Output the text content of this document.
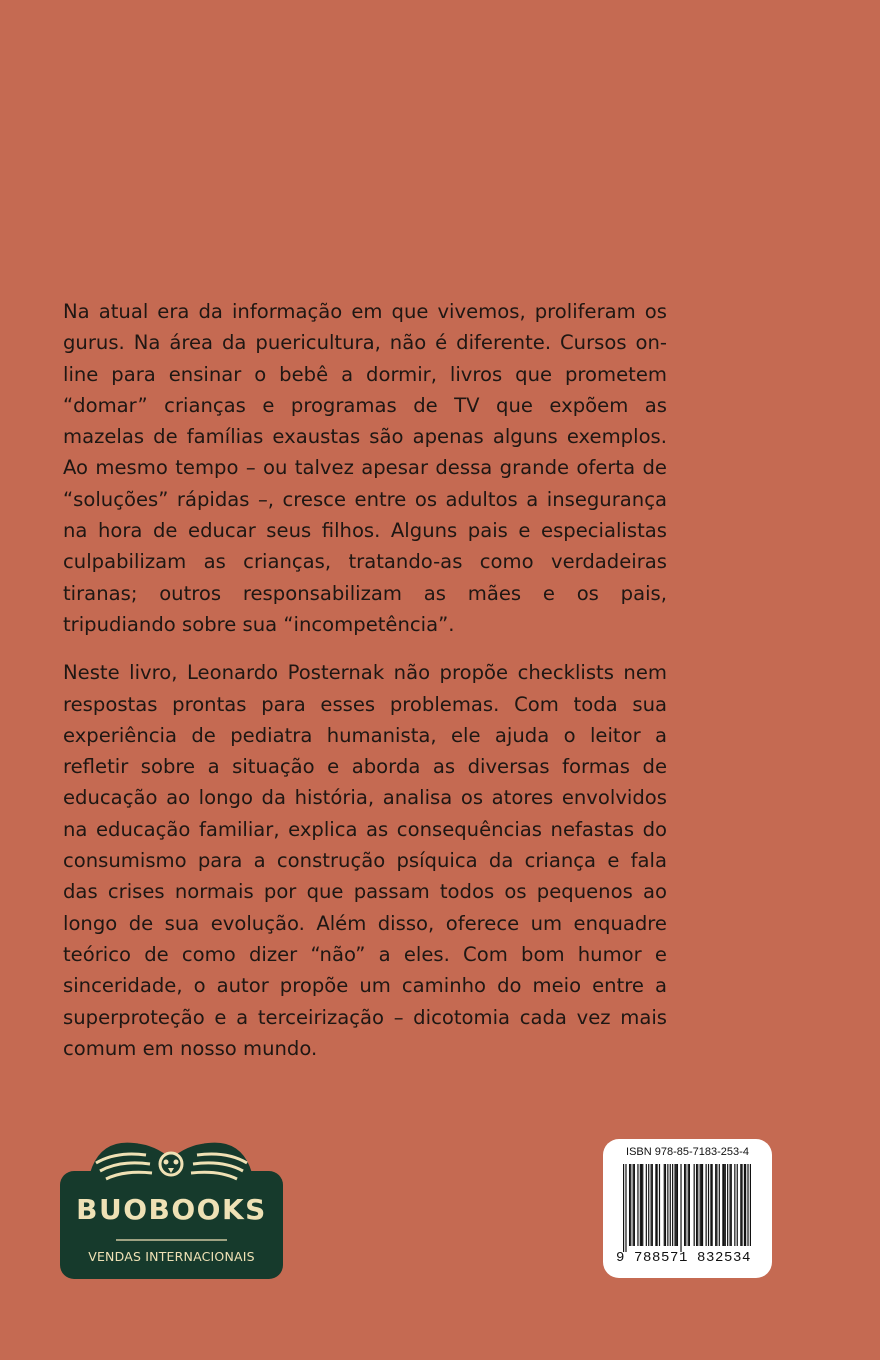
Na atual era da informação em que vivemos, proliferam os gurus. Na área da puericultura, não é diferente. Cursos on-line para ensinar o bebê a dormir, livros que prometem “domar” crianças e programas de TV que expõem as mazelas de famílias exaustas são apenas alguns exemplos. Ao mesmo tempo – ou talvez apesar dessa grande oferta de “soluções” rápidas –, cresce entre os adultos a insegurança na hora de educar seus filhos. Alguns pais e especialistas culpabilizam as crianças, tratando-as como verdadeiras tiranas; outros responsabilizam as mães e os pais, tripudiando sobre sua “incompetência”.

Neste livro, Leonardo Posternak não propõe checklists nem respostas prontas para esses problemas. Com toda sua experiência de pediatra humanista, ele ajuda o leitor a refletir sobre a situação e aborda as diversas formas de educação ao longo da história, analisa os atores envolvidos na educação familiar, explica as consequências nefastas do consumismo para a construção psíquica da criança e fala das crises normais por que passam todos os pequenos ao longo de sua evolução. Além disso, oferece um enquadre teórico de como dizer “não” a eles. Com bom humor e sinceridade, o autor propõe um caminho do meio entre a superproteção e a terceirização – dicotomia cada vez mais comum em nosso mundo.

BUOBOOKS
VENDAS INTERNACIONAIS
ISBN 978-85-7183-253-4
9 788571 832534
